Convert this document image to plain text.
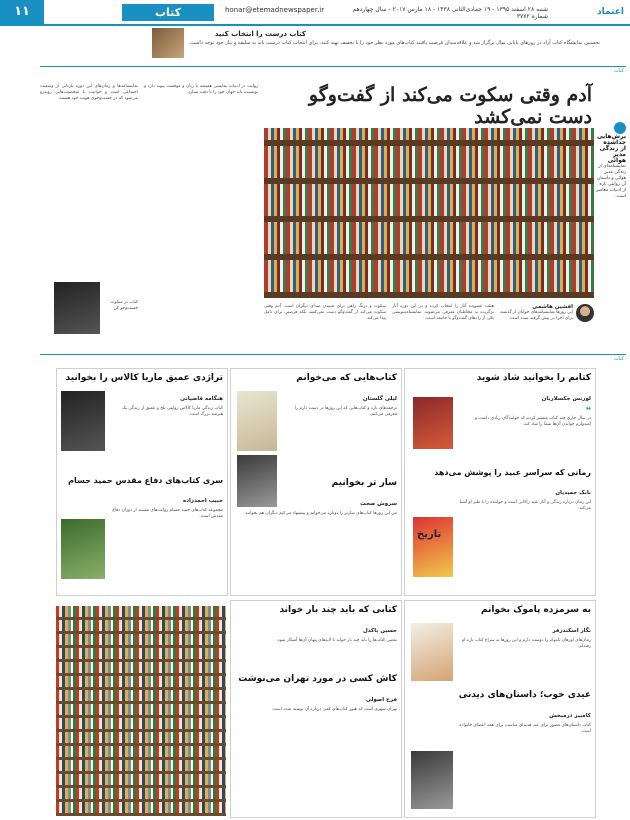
۱۱	کتاب	honar@etemadnewspaper.ir	شنبه ۲۸ اسفند ۱۳۹۵ - ۱۹ جمادی‌الثانی ۱۴۳۸ - ۱۸ مارس ۲۰۱۷ - سال چهاردهم شماره ۳۷۷۲	اعتماد
کتاب درست را انتخاب کنید
نخستین نمایشگاه کتاب آزاد در روزهای پایانی سال برگزار شد و علاقه‌مندان فرصت یافتند کتاب‌های مورد نظر خود را با تخفیف تهیه کنند. برای انتخاب کتاب درست باید به سلیقه و نیاز خود توجه داشت.
کتاب
آدم وقتی سکوت می‌کند از گفت‌وگو دست نمی‌کشد
برش‌هایی جداشده از زندگی مدیر هوائی
نمایشنامه‌ای از زندگی مدیر هوائی و داستان آن روایتی تازه از ادبیات معاصر است.
افشین هاشمی
این روزها نمایشنامه‌های جوانان از گذشته برای اجرا در پیش گرفته شده است.
هیئت عضویت آثار را انتخاب کرده و در این دوره آثار برگزیده به مخاطبان معرفی می‌شوند. نمایشنامه‌نویسی یکی از راه‌های گفت‌وگو با جامعه است.
سکوت و درنگ راهی برای شنیدن صدای دیگران است. آدم وقتی سکوت می‌کند از گفت‌وگو دست نمی‌کشد بلکه فرصتی برای تامل پیدا می‌کند.
روایت در ادبیات نمایشی همیشه با زبان و موقعیت پیوند دارد و نویسنده باید جهان خود را با دقت بسازد.
نمایشنامه‌ها و رمان‌های این دوره بازتابی از وضعیت اجتماعی است و خواننده با شخصیت‌هایی روبه‌رو می‌شود که در جست‌وجوی هویت خود هستند.
کتاب در سکوت جست‌وجو کن
کتاب
کتابم را بخوانید شاد شوید
لورنس جکسلاربان
❝
در سال جاری چند کتاب منتشر کردم که خوانندگان زیادی داشت و امیدوارم خواندن آن‌ها شما را شاد کند.
رمانی که سراسر عبید را پوشش می‌دهد
بابک حمیدیان
این رمان درباره زندگی و آثار عبید زاکانی است و خواننده را با طنز او آشنا می‌کند.
تاریخ
کتاب‌هایی که می‌خوانم
لیلی گلستان
ترجمه‌های تازه و کتاب‌هایی که این روزها در دست دارم را معرفی می‌کنم.
سار تر بخوانیم
سروش صحت
من این روزها کتاب‌های سارتر را دوباره می‌خوانم و پیشنهاد می‌کنم دیگران هم بخوانند.
تراژدی عمیق ماریا کالاس را بخوانید
هنگامه قاضیانی
کتاب زندگی ماریا کالاس روایتی تلخ و عمیق از زندگی یک هنرمند بزرگ است.
سری کتاب‌های دفاع مقدس حمید حسام
حبیب احمدزاده
مجموعه کتاب‌های حمید حسام روایت‌های مستند از دوران دفاع مقدس است.
به سرمزده پاموک بخوانم
نگار اسکندرفر
رمان‌های اورهان پاموک را دوست دارم و این روزها به سراغ کتاب تازه او رفته‌ام.
عیدی خوب؛ داستان‌های دیدنی
کامبیز درمبخش
کتاب داستان‌های مصور برای عید هدیه‌ای مناسب برای همه اعضای خانواده است.
کتابی که باید چند بار خواند
حسین پاکدل
بعضی کتاب‌ها را باید چند بار خواند تا لایه‌های پنهان آن‌ها آشکار شود.
کاش کسی در مورد تهران می‌نوشت
فرح اصولی
تهران شهری است که هنوز کتاب‌های کمی درباره آن نوشته شده است.
